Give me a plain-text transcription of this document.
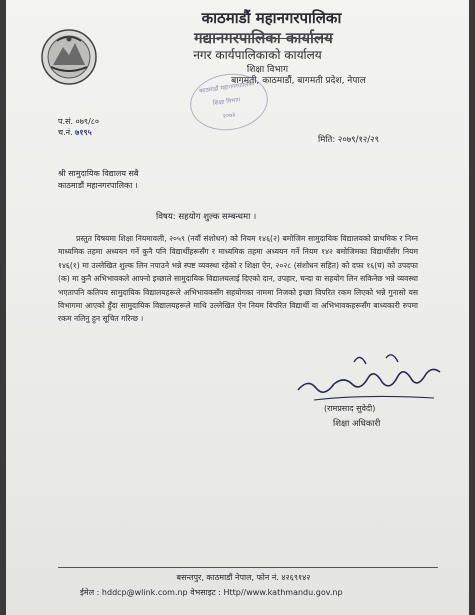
काठमाडौं महानगरपालिका
गद्यानगरपालिका कार्यालय
नगर कार्यपालिकाको कार्यालय
शिक्षा विभाग
बागमती, काठमाडौं, बागमती प्रदेश, नेपाल
काठमाडौं महानगरपालिका
शिक्षा विभाग
२०७३
प.सं. ०७९/८०
च.नं. ७१९५
मिति: २०७९/१२/२९
श्री सामुदायिक विद्यालय सबै
काठमाडौं महानगरपालिका ।
विषय: सहयोग शुल्क सम्बन्धमा ।

प्रस्तुत विषयमा शिक्षा नियमावली, २०५९ (नवौं संशोधन) को नियम १४६(२) बमोजिम सामुदायिक विद्यालयको प्राथमिक र निम्न माध्यमिक तहमा अध्ययन गर्ने कुनै पनि विद्यार्थीहरूसँग र माध्यमिक तहमा अध्ययन गर्ने नियम १४२ बमोजिमका विद्यार्थीसँग नियम १४६(१) मा उल्लेखित शुल्क लिन नपाउने भन्ने स्पष्ट व्यवस्था रहेको र शिक्षा ऐन, २०२८ (संशोधन सहित) को दफा १६(घ) को उपदफा (क) मा कुनै अभिभावकले आफ्नो इच्छाले सामुदायिक विद्यालयलाई दिएको दान, उपहार, चन्दा वा सहयोग लिन सकिनेछ भन्ने व्यवस्था भएतापनि कतिपय सामुदायिक विद्यालयहरूले अभिभावकसँग सहयोगका नाममा निजको इच्छा विपरित रकम लिएको भन्ने गुनासो यस विभागमा आएको हुँदा सामुदायिक विद्यालयहरूले माथि उल्लेखित ऐन नियम विपरित विद्यार्थी वा अभिभावकहरूसँग बाध्यकारी रुपमा रकम नलिनु हुन सूचित गरिन्छ ।

(रामप्रसाद सुवेदी)
शिक्षा अधिकारी
बसन्तपुर, काठमाडौं नेपाल, फोन नं. ४२६९१४२
ईमेल : hddcp@wlink.com.np वेभसाइट : Http//www.kathmandu.gov.np
